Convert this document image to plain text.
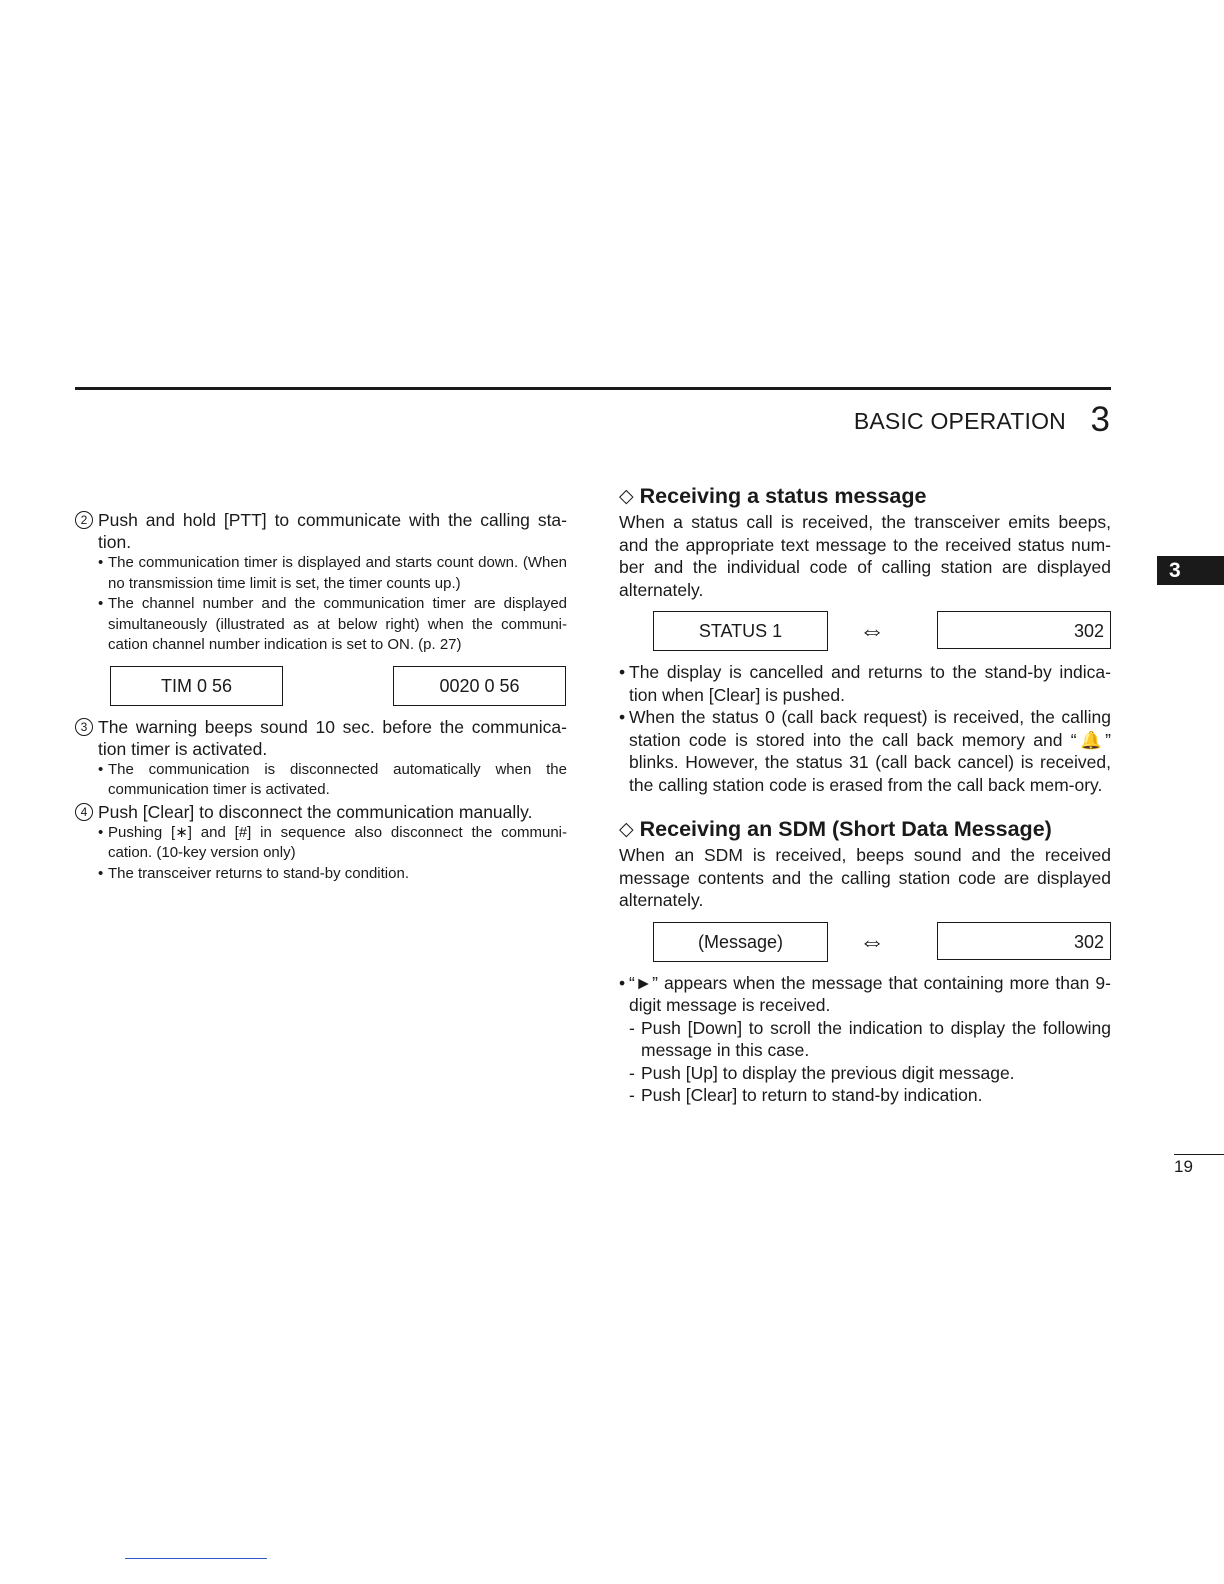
BASIC OPERATION 3
3
2 Push and hold [PTT] to communicate with the calling sta-tion.
• The communication timer is displayed and starts count down. (When no transmission time limit is set, the timer counts up.)
• The channel number and the communication timer are displayed simultaneously (illustrated as at below right) when the communi-cation channel number indication is set to ON. (p. 27)
TIM 0 56	0020 0 56
3 The warning beeps sound 10 sec. before the communica-tion timer is activated.
• The communication is disconnected automatically when the communication timer is activated.
4 Push [Clear] to disconnect the communication manually.
• Pushing [∗] and [#] in sequence also disconnect the communi-cation. (10-key version only)
• The transceiver returns to stand-by condition.
◇ Receiving a status message
When a status call is received, the transceiver emits beeps, and the appropriate text message to the received status num-ber and the individual code of calling station are displayed alternately.
STATUS 1	⇔	302
• The display is cancelled and returns to the stand-by indica-tion when [Clear] is pushed.
• When the status 0 (call back request) is received, the calling station code is stored into the call back memory and “🔔” blinks. However, the status 31 (call back cancel) is received, the calling station code is erased from the call back mem-ory.
◇ Receiving an SDM (Short Data Message)
When an SDM is received, beeps sound and the received message contents and the calling station code are displayed alternately.
(Message)	⇔	302
• “►” appears when the message that containing more than 9-digit message is received.
- Push [Down] to scroll the indication to display the following message in this case.
- Push [Up] to display the previous digit message.
- Push [Clear] to return to stand-by indication.
19
